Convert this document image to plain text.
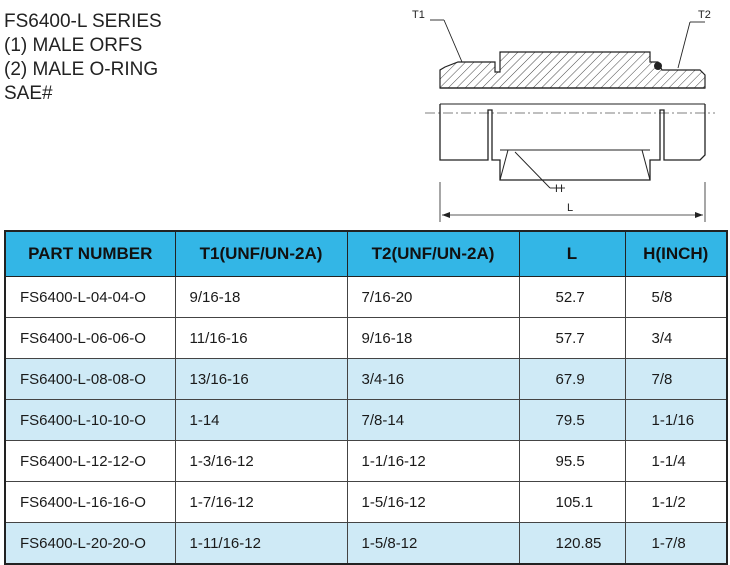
FS6400-L SERIES
(1) MALE ORFS
(2) MALE O-RING
SAE#
T1	T2
H
L
PART NUMBER	T1(UNF/UN-2A)	T2(UNF/UN-2A)	L	H(INCH)
FS6400-L-04-04-O	9/16-18	7/16-20	52.7	5/8
FS6400-L-06-06-O	11/16-16	9/16-18	57.7	3/4
FS6400-L-08-08-O	13/16-16	3/4-16	67.9	7/8
FS6400-L-10-10-O	1-14	7/8-14	79.5	1-1/16
FS6400-L-12-12-O	1-3/16-12	1-1/16-12	95.5	1-1/4
FS6400-L-16-16-O	1-7/16-12	1-5/16-12	105.1	1-1/2
FS6400-L-20-20-O	1-11/16-12	1-5/8-12	120.85	1-7/8
